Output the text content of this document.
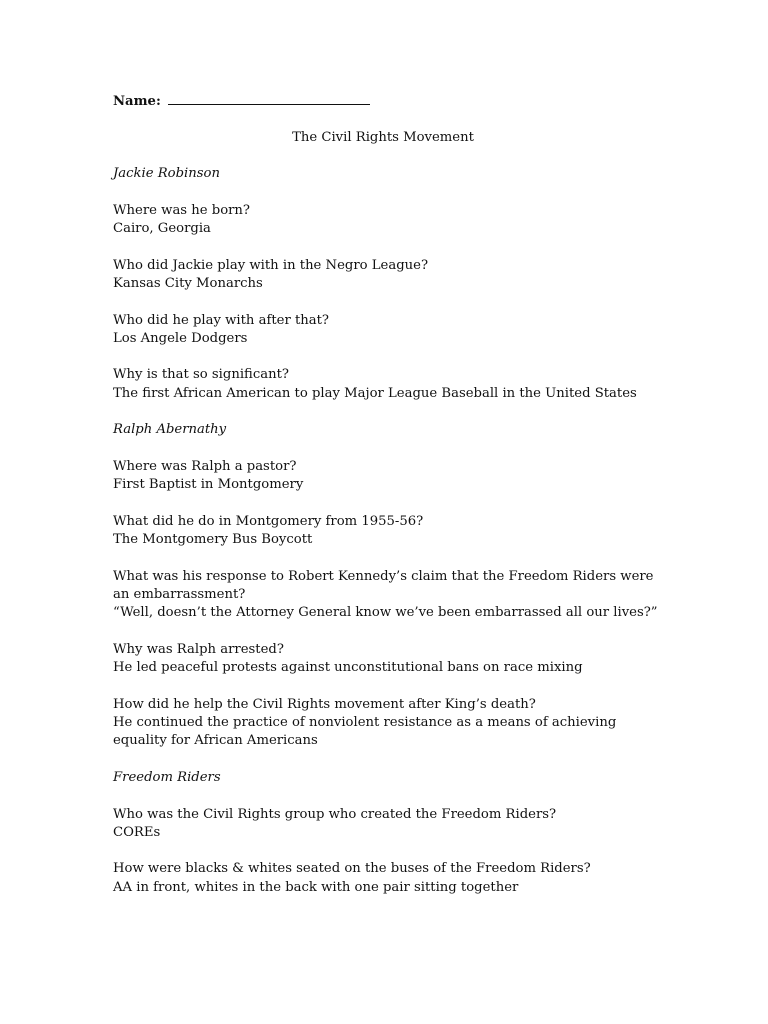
Name:
The Civil Rights Movement
Jackie Robinson

Where was he born?

Cairo, Georgia

Who did Jackie play with in the Negro League?

Kansas City Monarchs

Who did he play with after that?

Los Angele Dodgers

Why is that so significant?

The first African American to play Major League Baseball in the United States

Ralph Abernathy

Where was Ralph a pastor?

First Baptist in Montgomery

What did he do in Montgomery from 1955-56?

The Montgomery Bus Boycott

What was his response to Robert Kennedy’s claim that the Freedom Riders were an embarrassment?

“Well, doesn’t the Attorney General know we’ve been embarrassed all our lives?”

Why was Ralph arrested?

He led peaceful protests against unconstitutional bans on race mixing

How did he help the Civil Rights movement after King’s death?

He continued the practice of nonviolent resistance as a means of achieving equality for African Americans

Freedom Riders

Who was the Civil Rights group who created the Freedom Riders?

COREs

How were blacks & whites seated on the buses of the Freedom Riders?

AA in front, whites in the back with one pair sitting together
